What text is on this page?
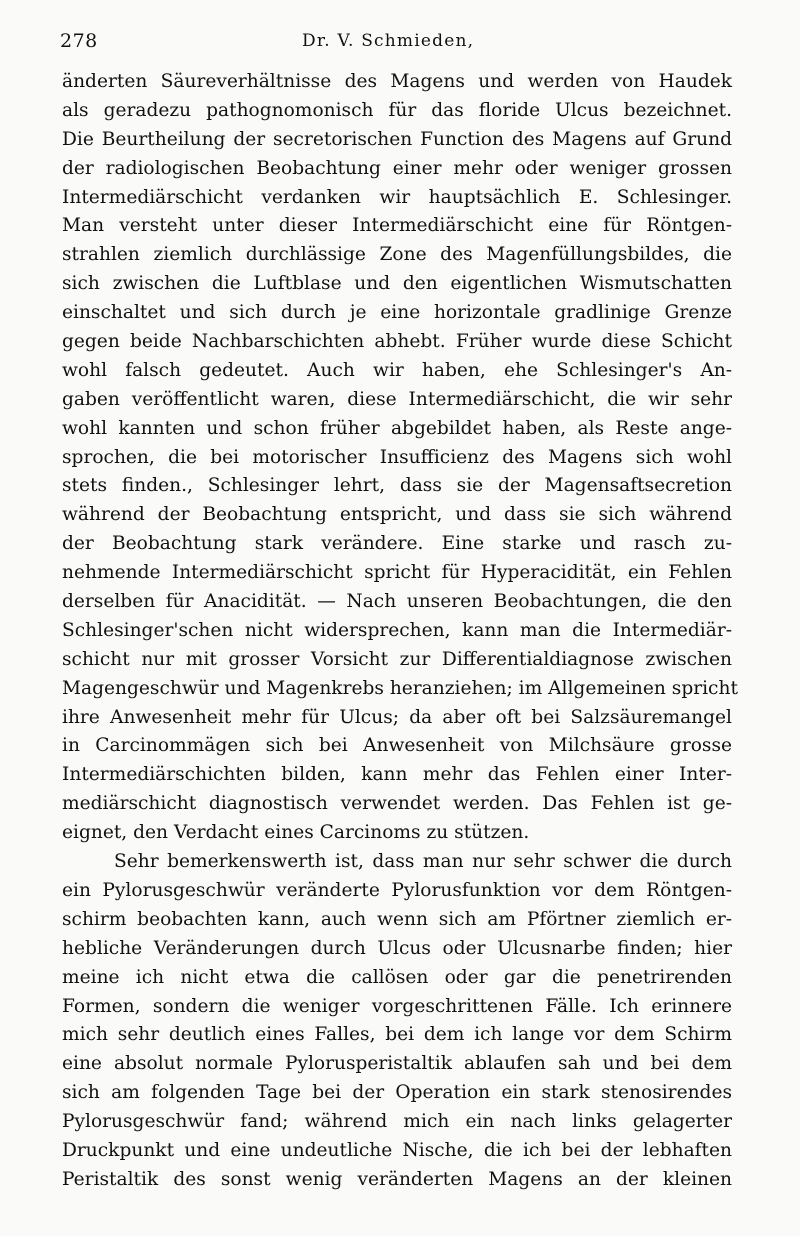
278	Dr. V. Schmieden,
änderten Säureverhältnisse des Magens und werden von Haudek
als geradezu pathognomonisch für das floride Ulcus bezeichnet.
Die Beurtheilung der secretorischen Function des Magens auf Grund
der radiologischen Beobachtung einer mehr oder weniger grossen
Intermediärschicht verdanken wir hauptsächlich E. Schlesinger.
Man versteht unter dieser Intermediärschicht eine für Röntgen-
strahlen ziemlich durchlässige Zone des Magenfüllungsbildes, die
sich zwischen die Luftblase und den eigentlichen Wismutschatten
einschaltet und sich durch je eine horizontale gradlinige Grenze
gegen beide Nachbarschichten abhebt. Früher wurde diese Schicht
wohl falsch gedeutet. Auch wir haben, ehe Schlesinger's An-
gaben veröffentlicht waren, diese Intermediärschicht, die wir sehr
wohl kannten und schon früher abgebildet haben, als Reste ange-
sprochen, die bei motorischer Insufficienz des Magens sich wohl
stets finden., Schlesinger lehrt, dass sie der Magensaftsecretion
während der Beobachtung entspricht, und dass sie sich während
der Beobachtung stark verändere. Eine starke und rasch zu-
nehmende Intermediärschicht spricht für Hyperacidität, ein Fehlen
derselben für Anacidität. — Nach unseren Beobachtungen, die den
Schlesinger'schen nicht widersprechen, kann man die Intermediär-
schicht nur mit grosser Vorsicht zur Differentialdiagnose zwischen
Magengeschwür und Magenkrebs heranziehen; im Allgemeinen spricht
ihre Anwesenheit mehr für Ulcus; da aber oft bei Salzsäuremangel
in Carcinommägen sich bei Anwesenheit von Milchsäure grosse
Intermediärschichten bilden, kann mehr das Fehlen einer Inter-
mediärschicht diagnostisch verwendet werden. Das Fehlen ist ge-
eignet, den Verdacht eines Carcinoms zu stützen.
Sehr bemerkenswerth ist, dass man nur sehr schwer die durch
ein Pylorusgeschwür veränderte Pylorusfunktion vor dem Röntgen-
schirm beobachten kann, auch wenn sich am Pförtner ziemlich er-
hebliche Veränderungen durch Ulcus oder Ulcusnarbe finden; hier
meine ich nicht etwa die callösen oder gar die penetrirenden
Formen, sondern die weniger vorgeschrittenen Fälle. Ich erinnere
mich sehr deutlich eines Falles, bei dem ich lange vor dem Schirm
eine absolut normale Pylorusperistaltik ablaufen sah und bei dem
sich am folgenden Tage bei der Operation ein stark stenosirendes
Pylorusgeschwür fand; während mich ein nach links gelagerter
Druckpunkt und eine undeutliche Nische, die ich bei der lebhaften
Peristaltik des sonst wenig veränderten Magens an der kleinen
